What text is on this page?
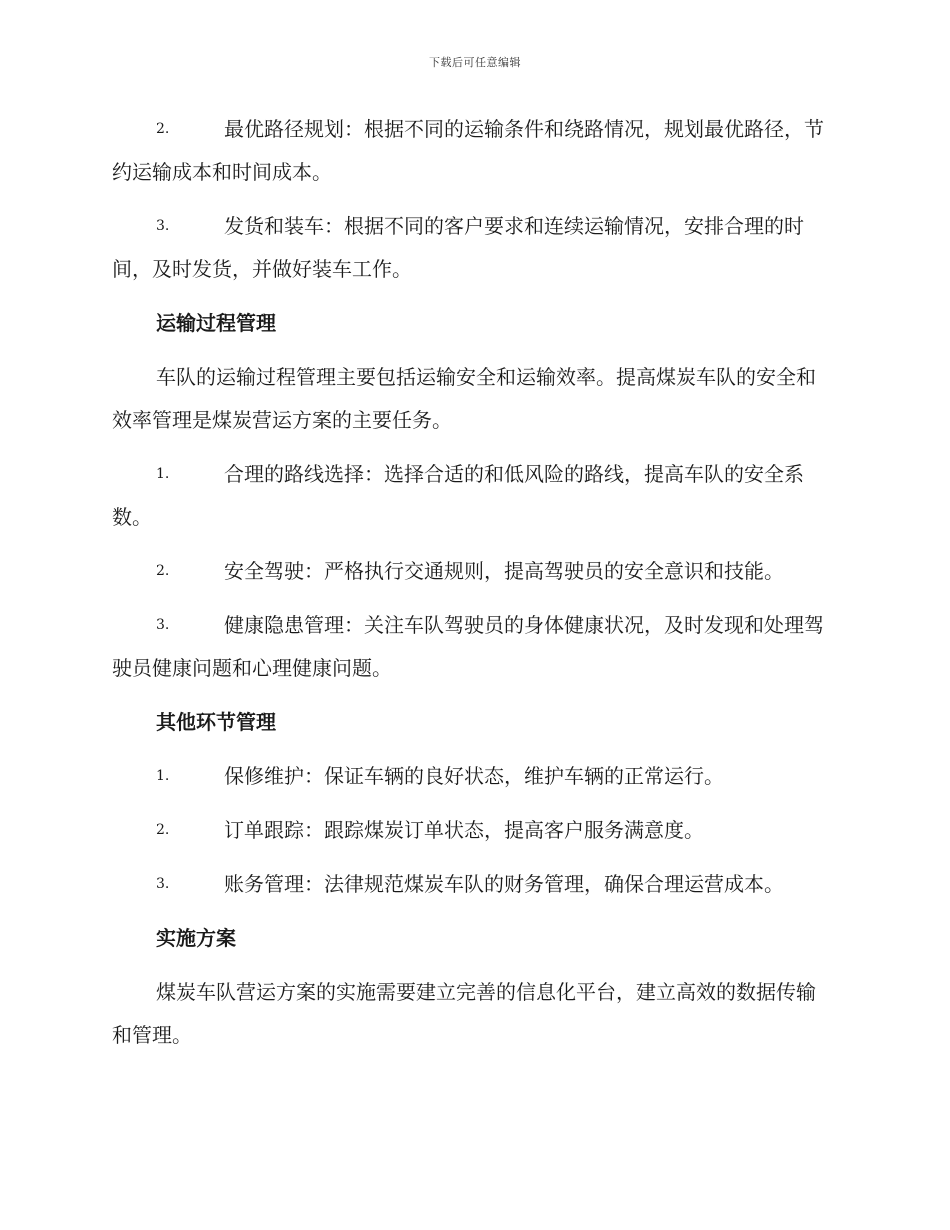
下载后可任意编辑

2.	最优路径规划：根据不同的运输条件和绕路情况，规划最优路径，节约运输成本和时间成本。

3.	发货和装车：根据不同的客户要求和连续运输情况，安排合理的时间，及时发货，并做好装车工作。

运输过程管理

车队的运输过程管理主要包括运输安全和运输效率。提高煤炭车队的安全和效率管理是煤炭营运方案的主要任务。

1.	合理的路线选择：选择合适的和低风险的路线，提高车队的安全系数。

2.	安全驾驶：严格执行交通规则，提高驾驶员的安全意识和技能。

3.	健康隐患管理：关注车队驾驶员的身体健康状况，及时发现和处理驾驶员健康问题和心理健康问题。

其他环节管理

1.	保修维护：保证车辆的良好状态，维护车辆的正常运行。

2.	订单跟踪：跟踪煤炭订单状态，提高客户服务满意度。

3.	账务管理：法律规范煤炭车队的财务管理，确保合理运营成本。

实施方案

煤炭车队营运方案的实施需要建立完善的信息化平台，建立高效的数据传输和管理。
